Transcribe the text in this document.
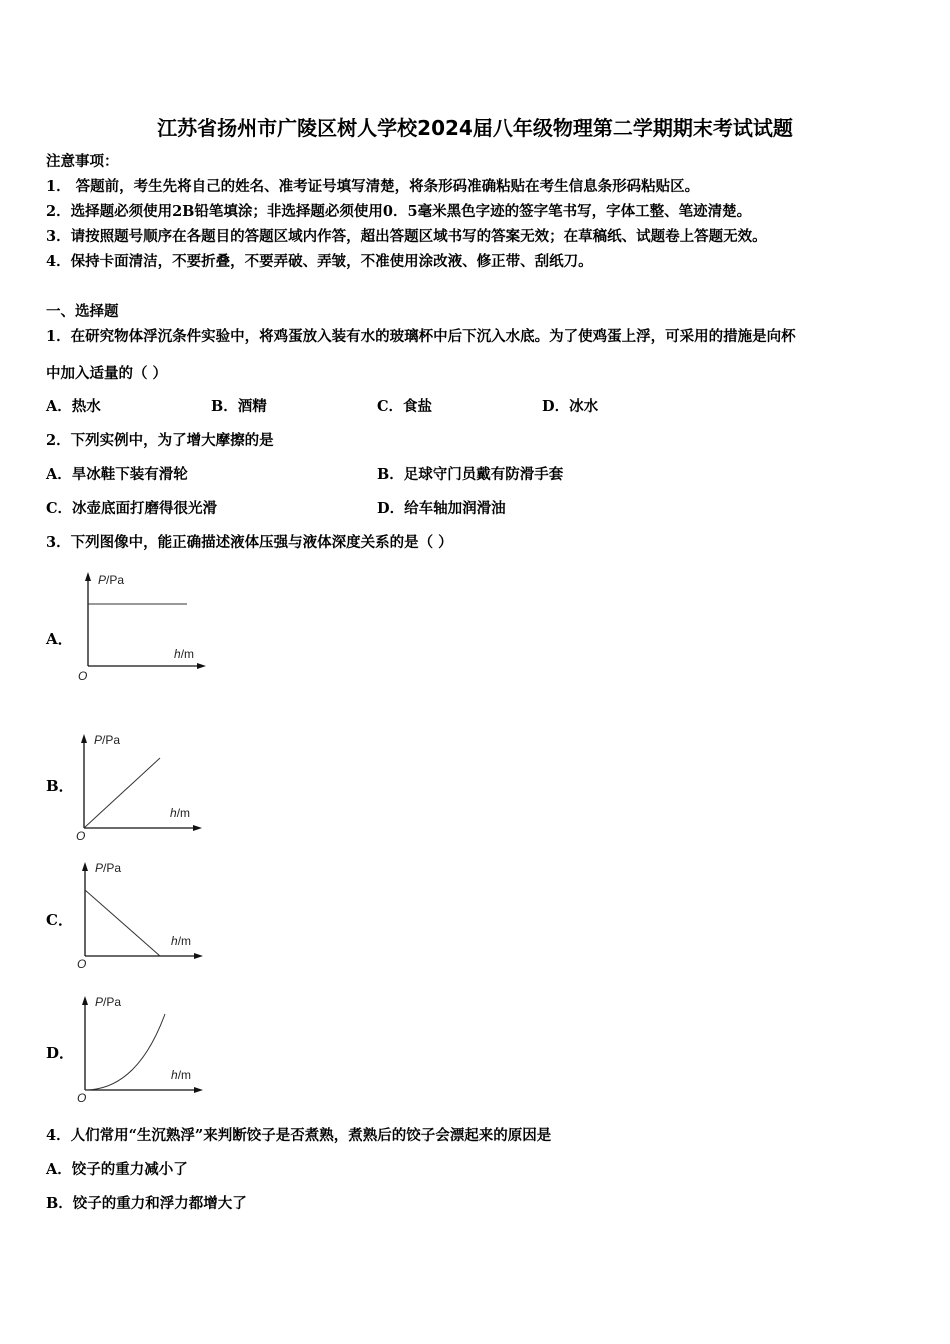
江苏省扬州市广陵区树人学校2024届八年级物理第二学期期末考试试题
注意事项：
1． 答题前，考生先将自己的姓名、准考证号填写清楚，将条形码准确粘贴在考生信息条形码粘贴区。
2．选择题必须使用2B铅笔填涂；非选择题必须使用0．5毫米黑色字迹的签字笔书写，字体工整、笔迹清楚。
3．请按照题号顺序在各题目的答题区域内作答，超出答题区域书写的答案无效；在草稿纸、试题卷上答题无效。
4．保持卡面清洁，不要折叠，不要弄破、弄皱，不准使用涂改液、修正带、刮纸刀。
一、选择题
1．在研究物体浮沉条件实验中，将鸡蛋放入装有水的玻璃杯中后下沉入水底。为了使鸡蛋上浮，可采用的措施是向杯
中加入适量的（ ）
A．热水	B．酒精	C．食盐	D．冰水
2．下列实例中，为了增大摩擦的是
A．旱冰鞋下装有滑轮	B．足球守门员戴有防滑手套
C．冰壶底面打磨得很光滑	D．给车轴加润滑油
3．下列图像中，能正确描述液体压强与液体深度关系的是（ ）
A．
P/Pa
h/m
O
B．
P/Pa
h/m
O
C．
P/Pa
h/m
O
D．
P/Pa
h/m
O
4．人们常用“生沉熟浮”来判断饺子是否煮熟，煮熟后的饺子会漂起来的原因是
A．饺子的重力减小了
B．饺子的重力和浮力都增大了
